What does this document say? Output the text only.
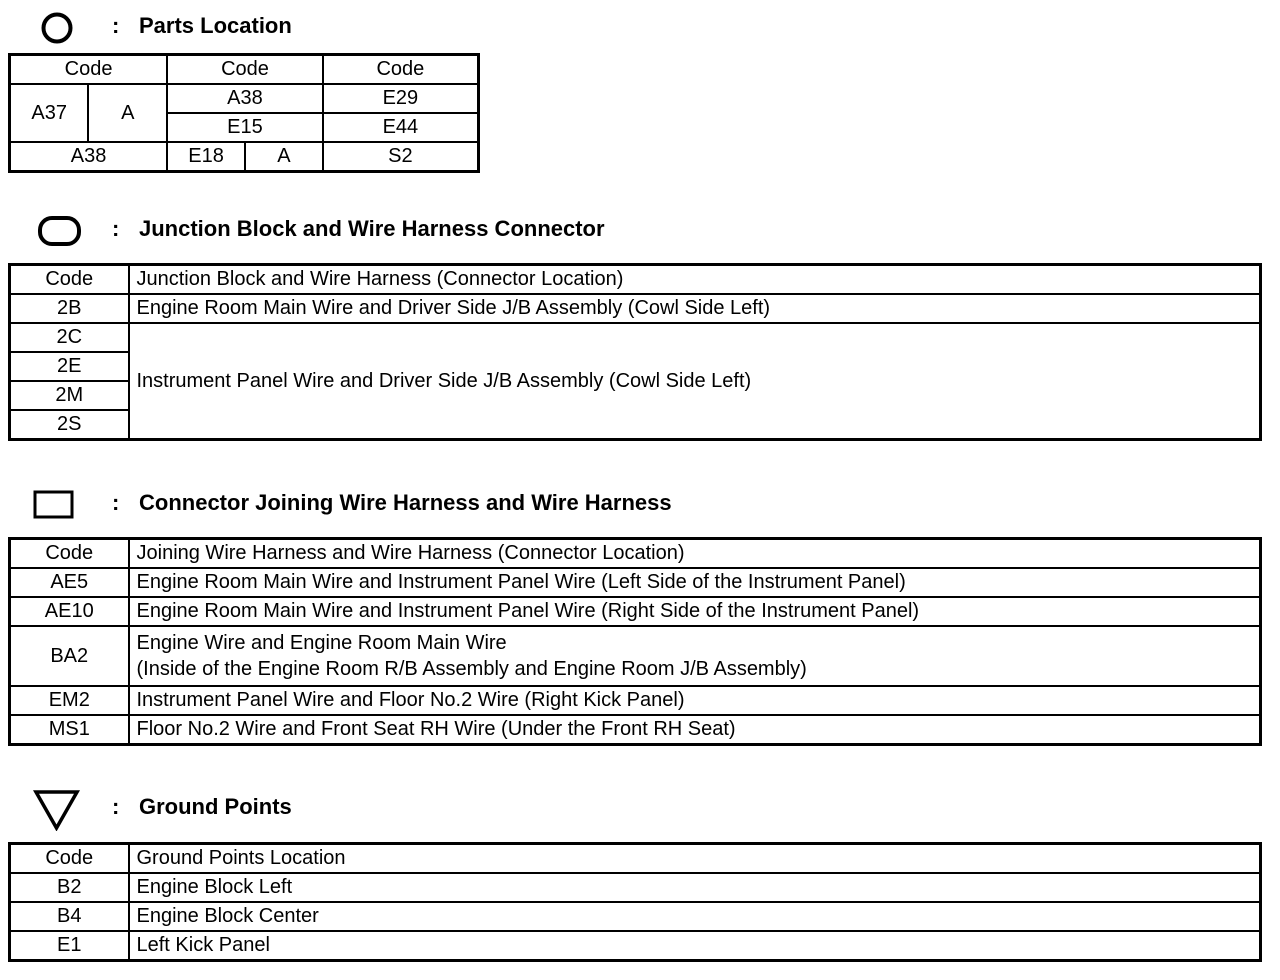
: Parts Location
Code		Code		Code
A37	A	A38		E29
		E15		E44
A38		E18	A	S2
: Junction Block and Wire Harness Connector
Code	Junction Block and Wire Harness (Connector Location)
2B	Engine Room Main Wire and Driver Side J/B Assembly (Cowl Side Left)
2C	Instrument Panel Wire and Driver Side J/B Assembly (Cowl Side Left)
2E	
2M	
2S	
: Connector Joining Wire Harness and Wire Harness
Code	Joining Wire Harness and Wire Harness (Connector Location)
AE5	Engine Room Main Wire and Instrument Panel Wire (Left Side of the Instrument Panel)
AE10	Engine Room Main Wire and Instrument Panel Wire (Right Side of the Instrument Panel)
BA2	Engine Wire and Engine Room Main Wire
(Inside of the Engine Room R/B Assembly and Engine Room J/B Assembly)

EM2	Instrument Panel Wire and Floor No.2 Wire (Right Kick Panel)
MS1	Floor No.2 Wire and Front Seat RH Wire (Under the Front RH Seat)
: Ground Points
Code	Ground Points Location
B2	Engine Block Left
B4	Engine Block Center
E1	Left Kick Panel
